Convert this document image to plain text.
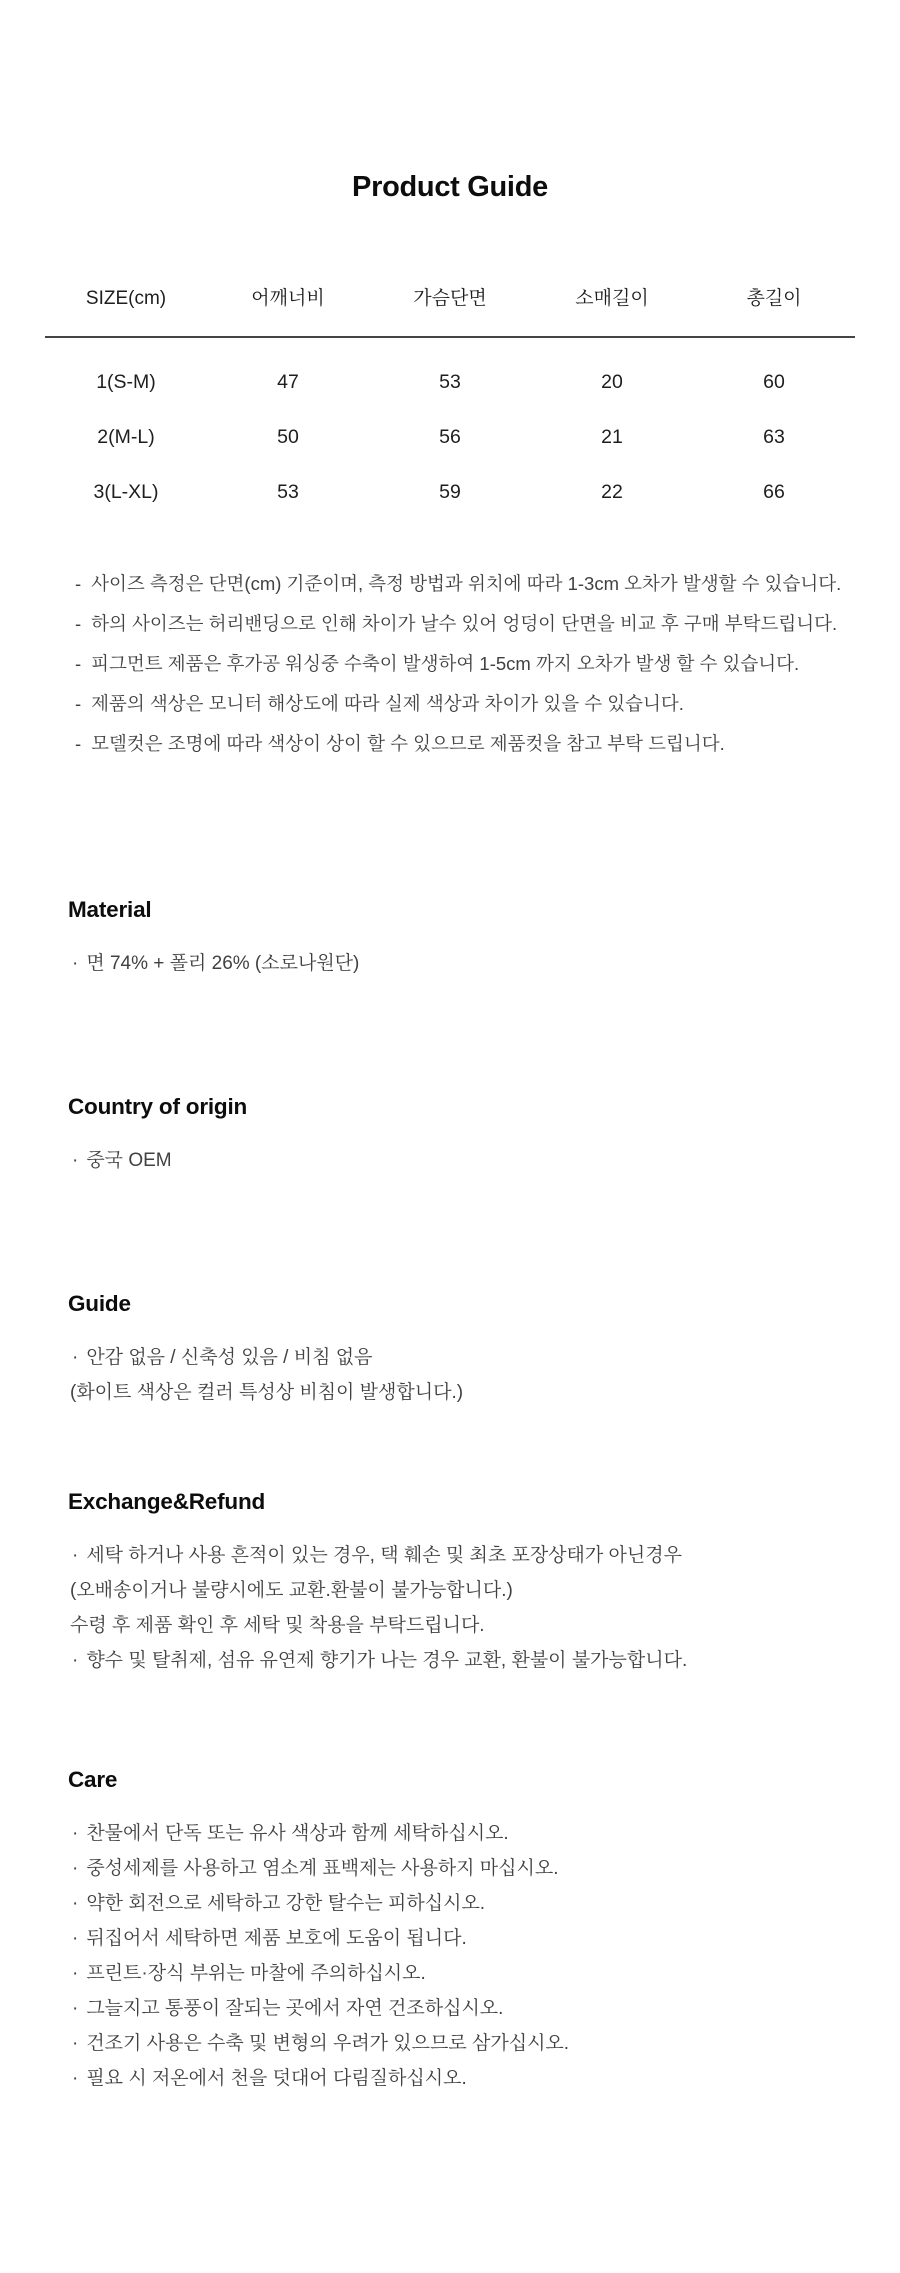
Product Guide
SIZE(cm)	어깨너비	가슴단면	소매길이	총길이
1(S-M)	47	53	20	60
2(M-L)	50	56	21	63
3(L-XL)	53	59	22	66

- 사이즈 측정은 단면(cm) 기준이며, 측정 방법과 위치에 따라 1-3cm 오차가 발생할 수 있습니다.

- 하의 사이즈는 허리밴딩으로 인해 차이가 날수 있어 엉덩이 단면을 비교 후 구매 부탁드립니다.

- 피그먼트 제품은 후가공 워싱중 수축이 발생하여 1-5cm 까지 오차가 발생 할 수 있습니다.

- 제품의 색상은 모니터 해상도에 따라 실제 색상과 차이가 있을 수 있습니다.

- 모델컷은 조명에 따라 색상이 상이 할 수 있으므로 제품컷을 참고 부탁 드립니다.

Material

· 면 74% + 폴리 26% (소로나원단)

Country of origin

· 중국 OEM

Guide

· 안감 없음 / 신축성 있음 / 비침 없음

(화이트 색상은 컬러 특성상 비침이 발생합니다.)

Exchange&Refund

· 세탁 하거나 사용 흔적이 있는 경우, 택 훼손 및 최초 포장상태가 아닌경우

(오배송이거나 불량시에도 교환.환불이 불가능합니다.)

수령 후 제품 확인 후 세탁 및 착용을 부탁드립니다.

· 향수 및 탈취제, 섬유 유연제 향기가 나는 경우 교환, 환불이 불가능합니다.

Care

· 찬물에서 단독 또는 유사 색상과 함께 세탁하십시오.

· 중성세제를 사용하고 염소계 표백제는 사용하지 마십시오.

· 약한 회전으로 세탁하고 강한 탈수는 피하십시오.

· 뒤집어서 세탁하면 제품 보호에 도움이 됩니다.

· 프린트·장식 부위는 마찰에 주의하십시오.

· 그늘지고 통풍이 잘되는 곳에서 자연 건조하십시오.

· 건조기 사용은 수축 및 변형의 우려가 있으므로 삼가십시오.

· 필요 시 저온에서 천을 덧대어 다림질하십시오.
